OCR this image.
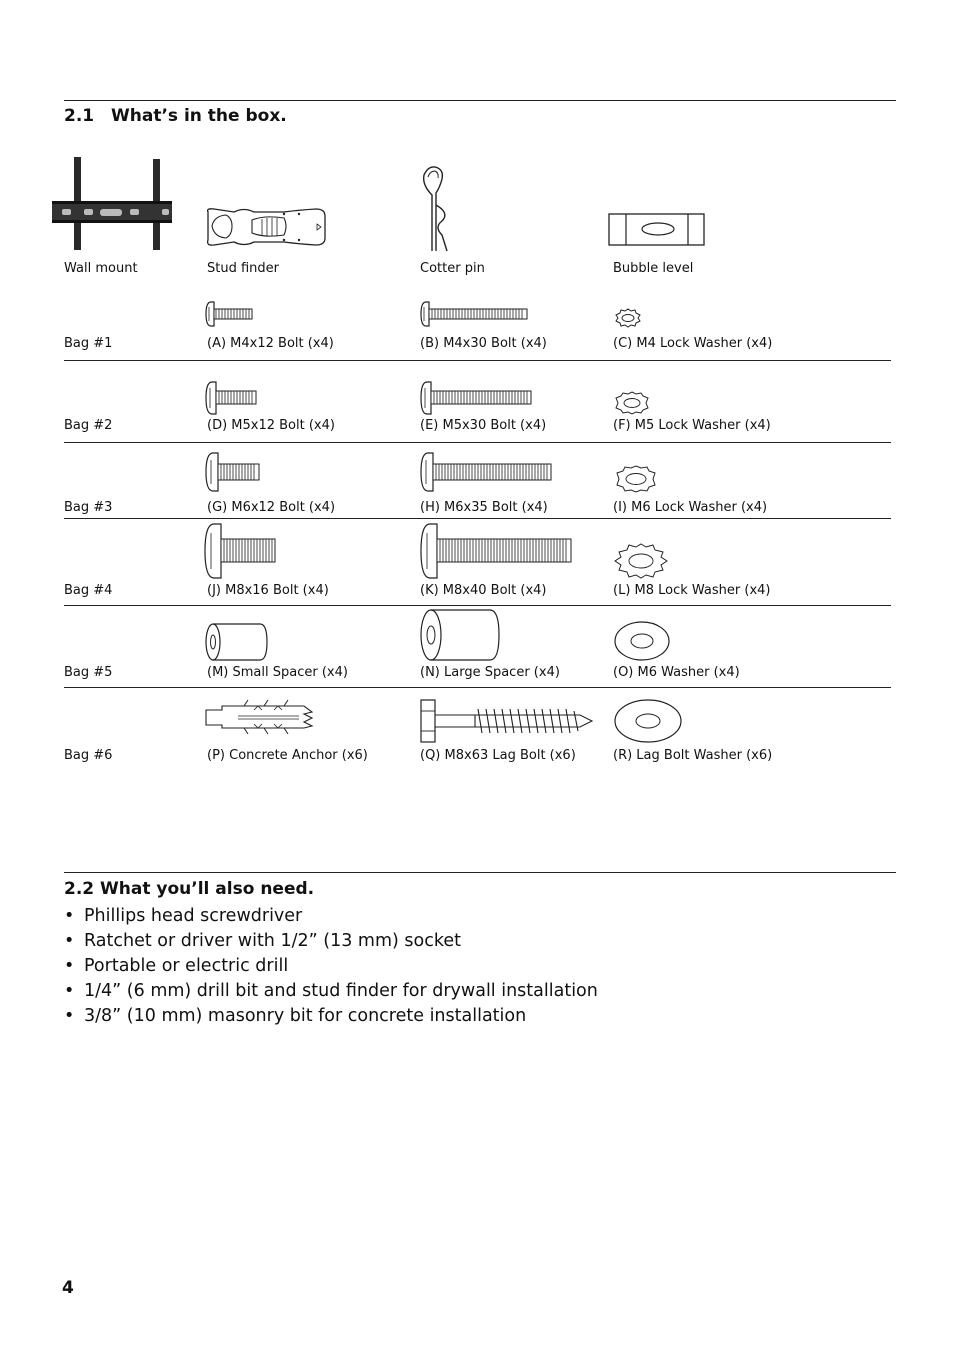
2.1 What’s in the box.
Wall mount	Stud finder	Cotter pin	Bubble level
Bag #1	(A) M4x12 Bolt (x4)	(B) M4x30 Bolt (x4)	(C) M4 Lock Washer (x4)
Bag #2	(D) M5x12 Bolt (x4)	(E) M5x30 Bolt (x4)	(F) M5 Lock Washer (x4)
Bag #3	(G) M6x12 Bolt (x4)	(H) M6x35 Bolt (x4)	(I) M6 Lock Washer (x4)
Bag #4	(J) M8x16 Bolt (x4)	(K) M8x40 Bolt (x4)	(L) M8 Lock Washer (x4)
Bag #5	(M) Small Spacer (x4)	(N) Large Spacer (x4)	(O) M6 Washer (x4)
Bag #6	(P) Concrete Anchor (x6)	(Q) M8x63 Lag Bolt (x6)	(R) Lag Bolt Washer (x6)
2.2 What you’ll also need.
• Phillips head screwdriver
• Ratchet or driver with 1/2” (13 mm) socket
• Portable or electric drill
• 1/4” (6 mm) drill bit and stud finder for drywall installation
• 3/8” (10 mm) masonry bit for concrete installation
4
